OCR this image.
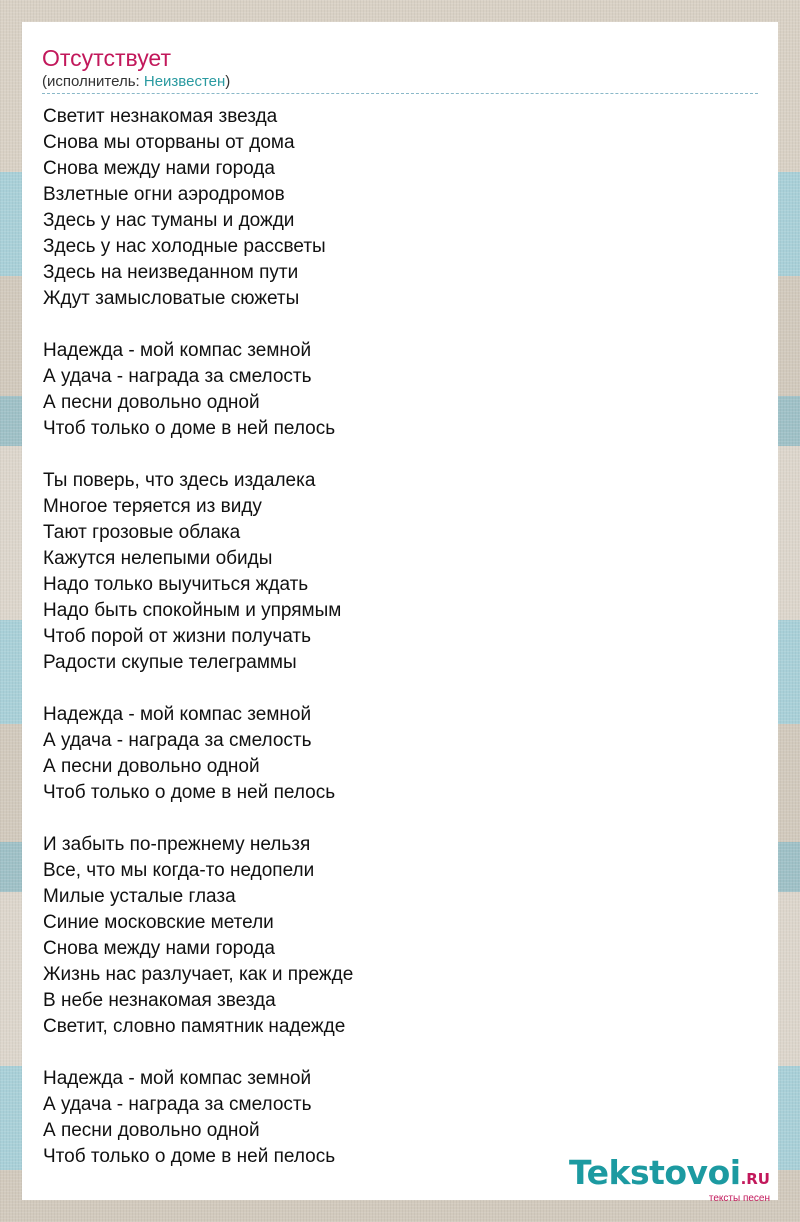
Отсутствует
(исполнитель: Неизвестен)
Светит незнакомая звезда
Снова мы оторваны от дома
Снова между нами города
Взлетные огни аэродромов
Здесь у нас туманы и дожди
Здесь у нас холодные рассветы
Здесь на неизведанном пути
Ждут замысловатые сюжеты
Надежда - мой компас земной
А удача - награда за смелость
А песни довольно одной
Чтоб только о доме в ней пелось
Ты поверь, что здесь издалека
Многое теряется из виду
Тают грозовые облака
Кажутся нелепыми обиды
Надо только выучиться ждать
Надо быть спокойным и упрямым
Чтоб порой от жизни получать
Радости скупые телеграммы
Надежда - мой компас земной
А удача - награда за смелость
А песни довольно одной
Чтоб только о доме в ней пелось
И забыть по-прежнему нельзя
Все, что мы когда-то недопели
Милые усталые глаза
Синие московские метели
Снова между нами города
Жизнь нас разлучает, как и прежде
В небе незнакомая звезда
Светит, словно памятник надежде
Надежда - мой компас земной
А удача - награда за смелость
А песни довольно одной
Чтоб только о доме в ней пелось	Tekstovoi.RU
тексты песен
